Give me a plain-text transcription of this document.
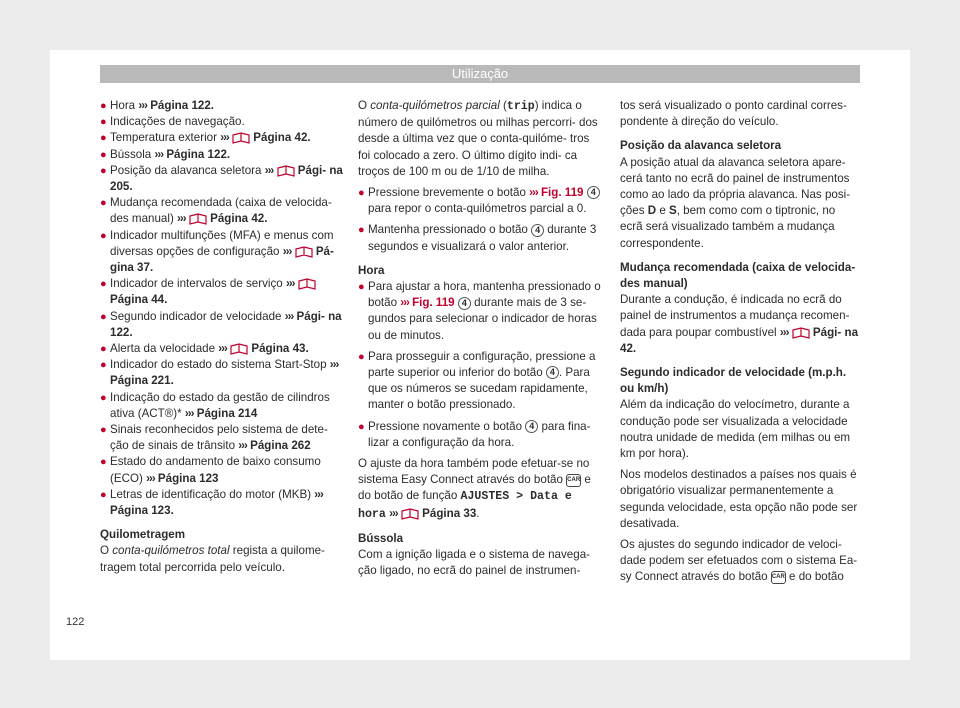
Utilização
● Hora ››› Página 122.
● Indicações de navegação.
● Temperatura exterior ››› Página 42.
● Bússola ››› Página 122.
● Posição da alavanca seletora ››› Pági- na 205.
● Mudança recomendada (caixa de velocida- des manual) ››› Página 42.
● Indicador multifunções (MFA) e menus com diversas opções de configuração ››› Pá- gina 37.
● Indicador de intervalos de serviço ›››  Página 44.
● Segundo indicador de velocidade ››› Pági- na 122.
● Alerta da velocidade ››› Página 43.
● Indicador do estado do sistema Start-Stop ››› Página 221.
● Indicação do estado da gestão de cilindros ativa (ACT®)* ››› Página 214
● Sinais reconhecidos pelo sistema de dete- ção de sinais de trânsito ››› Página 262
● Estado do andamento de baixo consumo (ECO) ››› Página 123
● Letras de identificação do motor (MKB) ››› Página 123.
Quilometragem

O conta-quilómetros total regista a quilome- tragem total percorrida pelo veículo.

O conta-quilómetros parcial (trip) indica o número de quilómetros ou milhas percorri- dos desde a última vez que o conta-quilóme- tros foi colocado a zero. O último dígito indi- ca troços de 100 m ou de 1/10 de milha.

● Pressione brevemente o botão ››› Fig. 119 4 para repor o conta-quilómetros parcial a 0.
● Mantenha pressionado o botão 4 durante 3 segundos e visualizará o valor anterior.
Hora
● Para ajustar a hora, mantenha pressionado o botão ››› Fig. 119 4 durante mais de 3 se- gundos para selecionar o indicador de horas ou de minutos.
● Para prosseguir a configuração, pressione a parte superior ou inferior do botão 4 . Para que os números se sucedam rapidamente, manter o botão pressionado.
● Pressione novamente o botão 4 para fina- lizar a configuração da hora.

O ajuste da hora também pode efetuar-se no sistema Easy Connect através do botão CAR e do botão de função AJUSTES > Data e hora ››› Página 33.

Bússola

Com a ignição ligada e o sistema de navega- ção ligado, no ecrã do painel de instrumen-

tos será visualizado o ponto cardinal corres- pondente à direção do veículo.

Posição da alavanca seletora

A posição atual da alavanca seletora apare- cerá tanto no ecrã do painel de instrumentos como ao lado da própria alavanca. Nas posi- ções D e S, bem como com o tiptronic, no ecrã será visualizado também a mudança correspondente.

Mudança recomendada (caixa de velocida- des manual)

Durante a condução, é indicada no ecrã do painel de instrumentos a mudança recomen- dada para poupar combustível ››› Pági- na 42.

Segundo indicador de velocidade (m.p.h. ou km/h)

Além da indicação do velocímetro, durante a condução pode ser visualizada a velocidade noutra unidade de medida (em milhas ou em km por hora).

Nos modelos destinados a países nos quais é obrigatório visualizar permanentemente a segunda velocidade, esta opção não pode ser desativada.

Os ajustes do segundo indicador de veloci- dade podem ser efetuados com o sistema Ea- sy Connect através do botão CAR e do botão

122
